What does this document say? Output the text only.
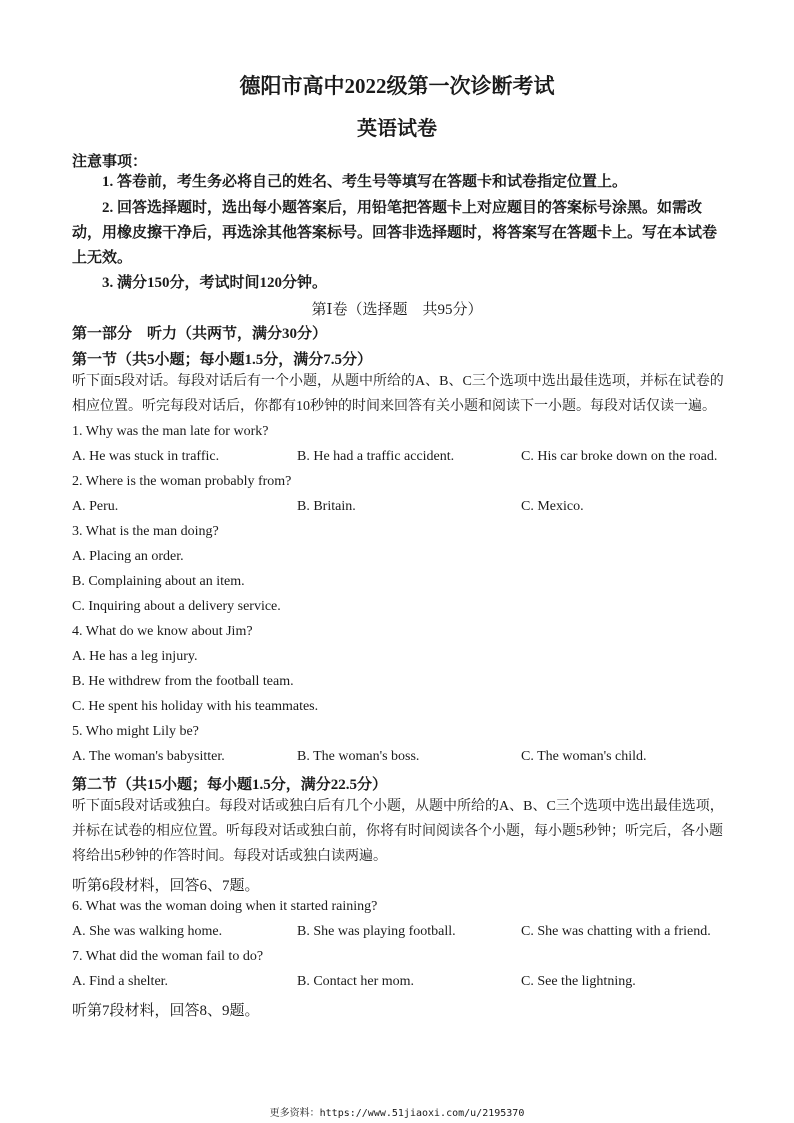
德阳市高中2022级第一次诊断考试
英语试卷
注意事项：
1. 答卷前，考生务必将自己的姓名、考生号等填写在答题卡和试卷指定位置上。
2. 回答选择题时，选出每小题答案后，用铅笔把答题卡上对应题目的答案标号涂黑。如需改动，用橡皮擦干净后，再选涂其他答案标号。回答非选择题时，将答案写在答题卡上。写在本试卷上无效。
3. 满分150分，考试时间120分钟。
第Ⅰ卷（选择题　共95分）
第一部分　听力（共两节，满分30分）
第一节（共5小题；每小题1.5分，满分7.5分）
听下面5段对话。每段对话后有一个小题，从题中所给的A、B、C三个选项中选出最佳选项，并标在试卷的相应位置。听完每段对话后，你都有10秒钟的时间来回答有关小题和阅读下一小题。每段对话仅读一遍。
1. Why was the man late for work?
A. He was stuck in traffic.	B. He had a traffic accident.	C. His car broke down on the road.
2. Where is the woman probably from?
A. Peru.	B. Britain.	C. Mexico.
3. What is the man doing?
A. Placing an order.
B. Complaining about an item.
C. Inquiring about a delivery service.
4. What do we know about Jim?
A. He has a leg injury.
B. He withdrew from the football team.
C. He spent his holiday with his teammates.
5. Who might Lily be?
A. The woman's babysitter.	B. The woman's boss.	C. The woman's child.
第二节（共15小题；每小题1.5分，满分22.5分）
听下面5段对话或独白。每段对话或独白后有几个小题，从题中所给的A、B、C三个选项中选出最佳选项，并标在试卷的相应位置。听每段对话或独白前，你将有时间阅读各个小题，每小题5秒钟；听完后，各小题将给出5秒钟的作答时间。每段对话或独白读两遍。
听第6段材料，回答6、7题。
6. What was the woman doing when it started raining?
A. She was walking home.	B. She was playing football.	C. She was chatting with a friend.
7. What did the woman fail to do?
A. Find a shelter.	B. Contact her mom.	C. See the lightning.
听第7段材料，回答8、9题。
更多资料：https://www.51jiaoxi.com/u/2195370
